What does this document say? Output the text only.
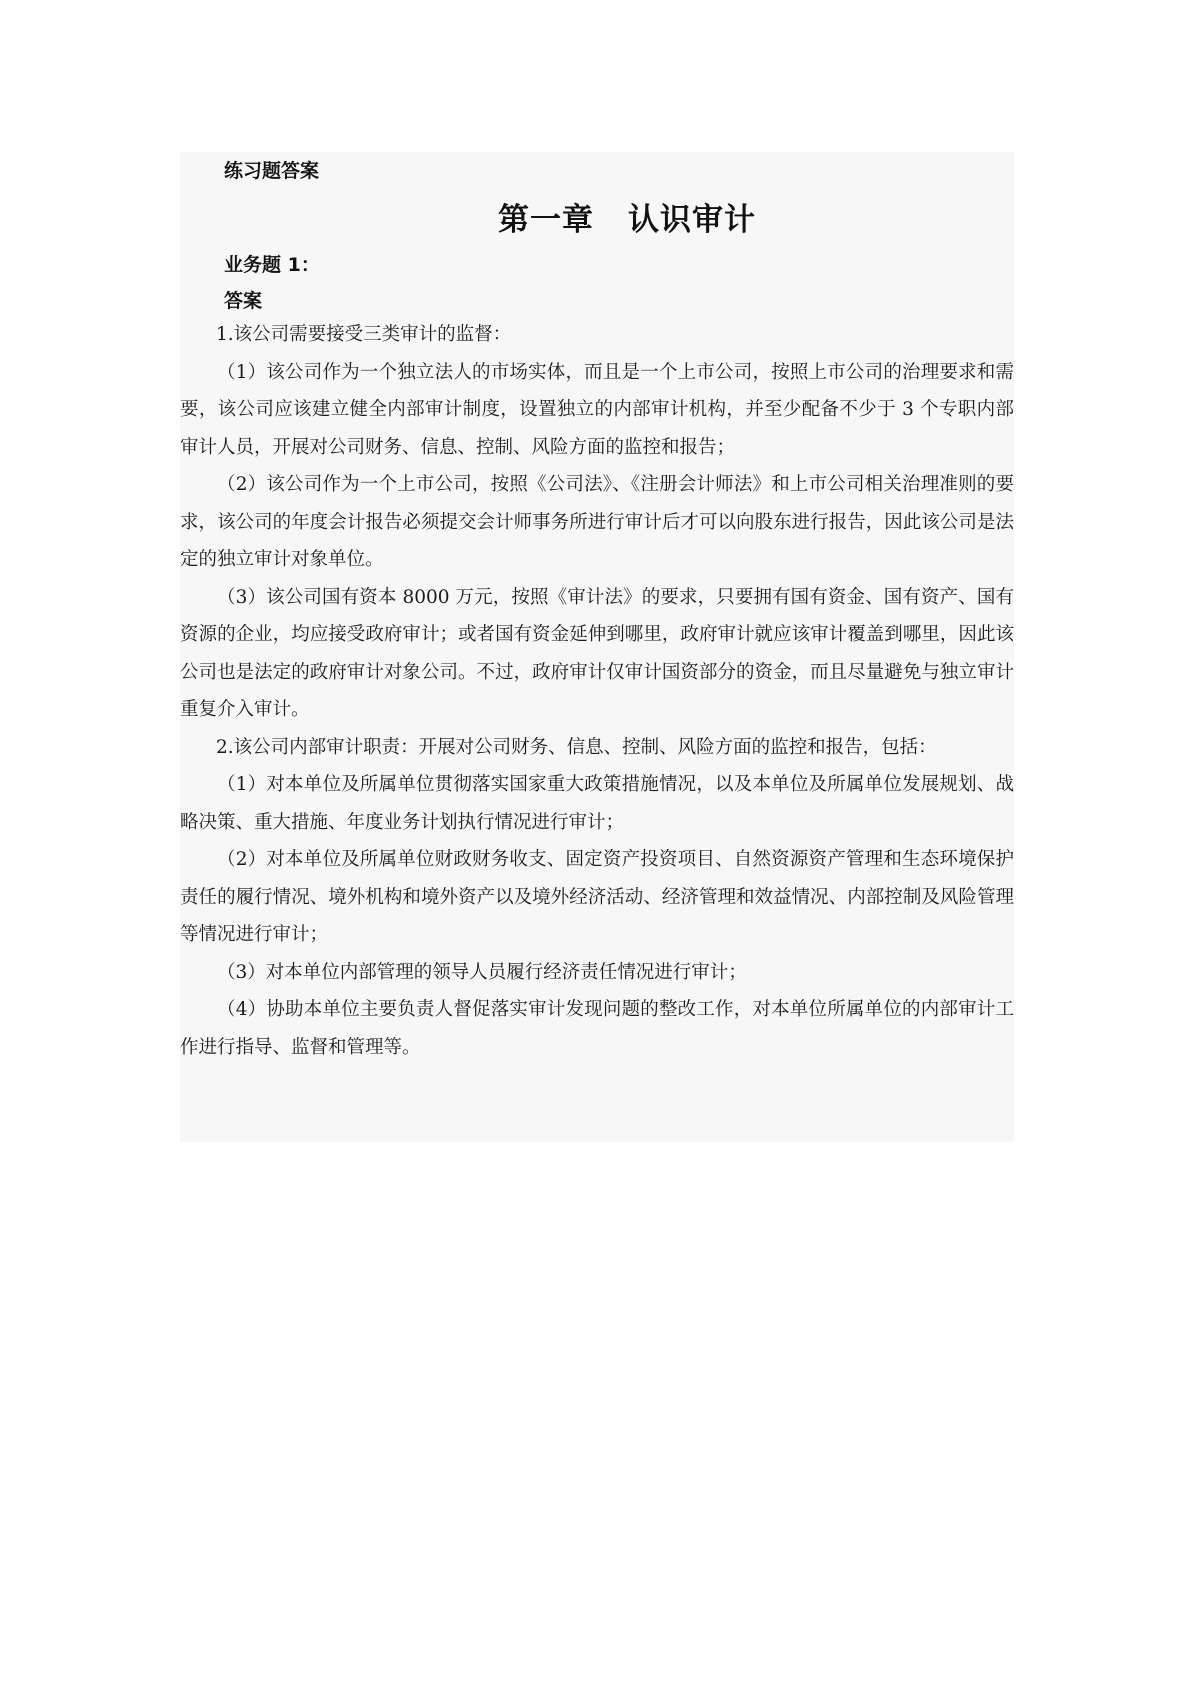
练习题答案
第一章 认识审计
业务题 1：
答案

1.该公司需要接受三类审计的监督：

（1）该公司作为一个独立法人的市场实体，而且是一个上市公司，按照上市公司的治理要求和需要，该公司应该建立健全内部审计制度，设置独立的内部审计机构，并至少配备不少于 3 个专职内部审计人员，开展对公司财务、信息、控制、风险方面的监控和报告；

（2）该公司作为一个上市公司，按照《公司法》、《注册会计师法》和上市公司相关治理准则的要求，该公司的年度会计报告必须提交会计师事务所进行审计后才可以向股东进行报告，因此该公司是法定的独立审计对象单位。

（3）该公司国有资本 8000 万元，按照《审计法》的要求，只要拥有国有资金、国有资产、国有资源的企业，均应接受政府审计；或者国有资金延伸到哪里，政府审计就应该审计覆盖到哪里，因此该公司也是法定的政府审计对象公司。不过，政府审计仅审计国资部分的资金，而且尽量避免与独立审计重复介入审计。

2.该公司内部审计职责：开展对公司财务、信息、控制、风险方面的监控和报告，包括：

（1）对本单位及所属单位贯彻落实国家重大政策措施情况，以及本单位及所属单位发展规划、战略决策、重大措施、年度业务计划执行情况进行审计；

（2）对本单位及所属单位财政财务收支、固定资产投资项目、自然资源资产管理和生态环境保护责任的履行情况、境外机构和境外资产以及境外经济活动、经济管理和效益情况、内部控制及风险管理等情况进行审计；

（3）对本单位内部管理的领导人员履行经济责任情况进行审计；

（4）协助本单位主要负责人督促落实审计发现问题的整改工作，对本单位所属单位的内部审计工作进行指导、监督和管理等。
